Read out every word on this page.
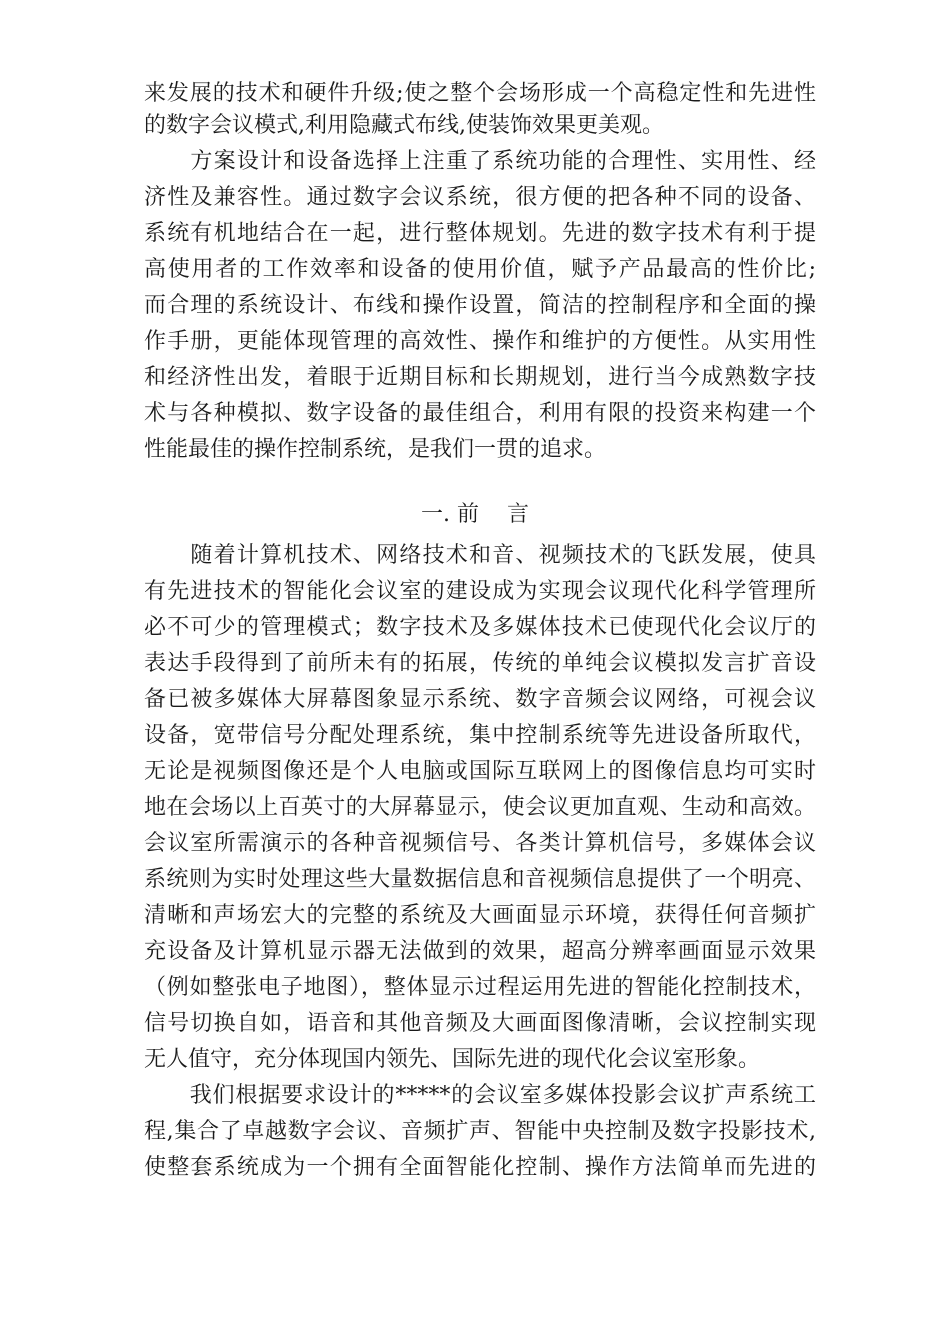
来发展的技术和硬件升级;使之整个会场形成一个高稳定性和先进性
的数字会议模式,利用隐藏式布线,使装饰效果更美观。
　　方案设计和设备选择上注重了系统功能的合理性、实用性、经
济性及兼容性。通过数字会议系统，很方便的把各种不同的设备、
系统有机地结合在一起，进行整体规划。先进的数字技术有利于提
高使用者的工作效率和设备的使用价值，赋予产品最高的性价比;
而合理的系统设计、布线和操作设置，简洁的控制程序和全面的操
作手册，更能体现管理的高效性、操作和维护的方便性。从实用性
和经济性出发，着眼于近期目标和长期规划，进行当今成熟数字技
术与各种模拟、数字设备的最佳组合，利用有限的投资来构建一个
性能最佳的操作控制系统，是我们一贯的追求。
一. 前    言
　　随着计算机技术、网络技术和音、视频技术的飞跃发展，使具
有先进技术的智能化会议室的建设成为实现会议现代化科学管理所
必不可少的管理模式；数字技术及多媒体技术已使现代化会议厅的
表达手段得到了前所未有的拓展，传统的单纯会议模拟发言扩音设
备已被多媒体大屏幕图象显示系统、数字音频会议网络，可视会议
设备，宽带信号分配处理系统，集中控制系统等先进设备所取代，
无论是视频图像还是个人电脑或国际互联网上的图像信息均可实时
地在会场以上百英寸的大屏幕显示，使会议更加直观、生动和高效。
会议室所需演示的各种音视频信号、各类计算机信号，多媒体会议
系统则为实时处理这些大量数据信息和音视频信息提供了一个明亮、
清晰和声场宏大的完整的系统及大画面显示环境，获得任何音频扩
充设备及计算机显示器无法做到的效果，超高分辨率画面显示效果
（例如整张电子地图），整体显示过程运用先进的智能化控制技术，
信号切换自如，语音和其他音频及大画面图像清晰，会议控制实现
无人值守，充分体现国内领先、国际先进的现代化会议室形象。
　　我们根据要求设计的*****的会议室多媒体投影会议扩声系统工
程,集合了卓越数字会议、音频扩声、智能中央控制及数字投影技术,
使整套系统成为一个拥有全面智能化控制、操作方法简单而先进的
